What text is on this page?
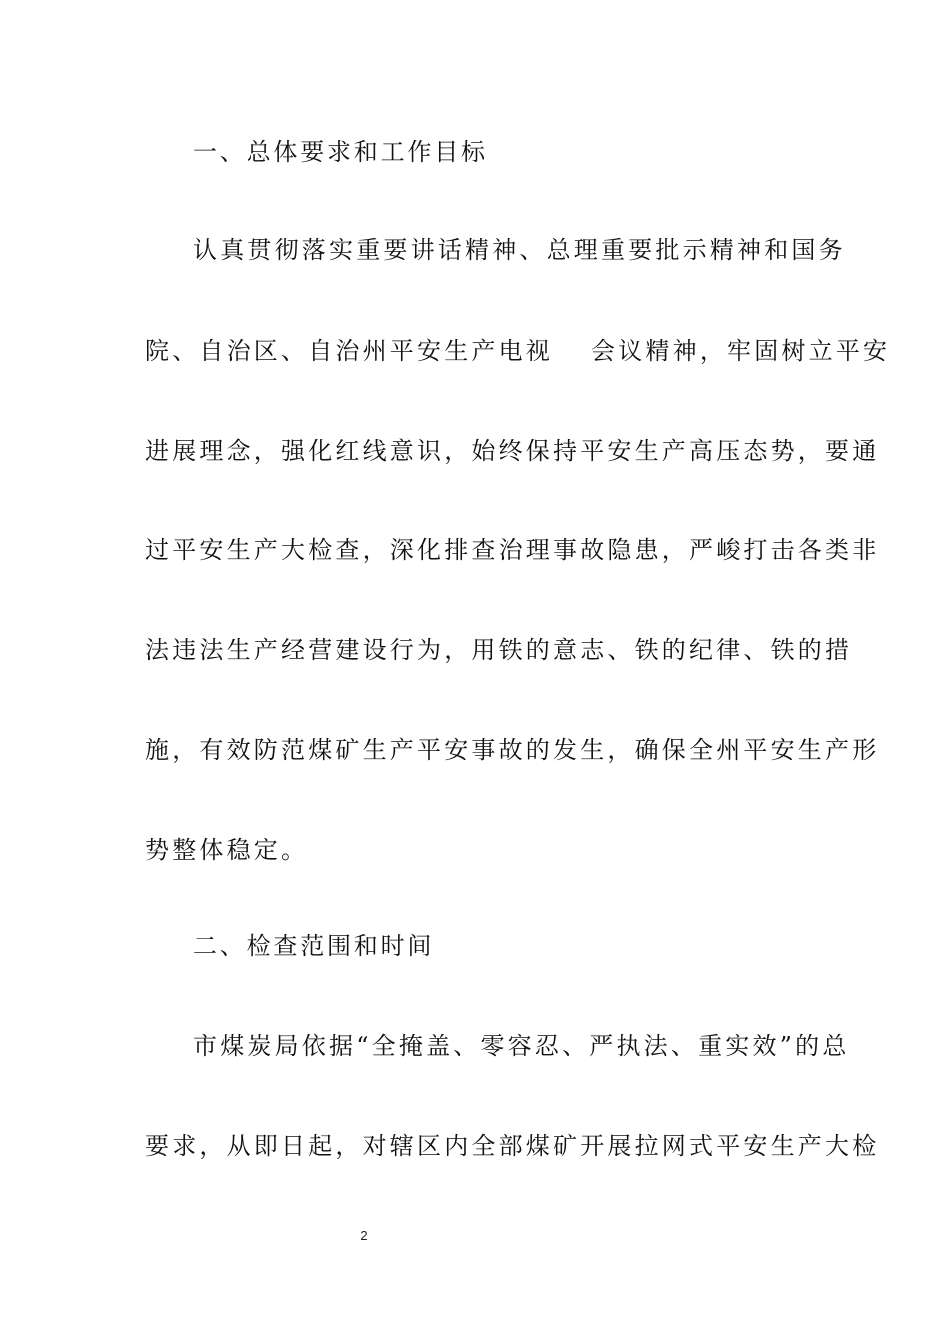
一、总体要求和工作目标
认真贯彻落实重要讲话精神、总理重要批示精神和国务
院、自治区、自治州平安生产电视　 会议精神，牢固树立平安
进展理念，强化红线意识，始终保持平安生产高压态势，要通
过平安生产大检查，深化排查治理事故隐患，严峻打击各类非
法违法生产经营建设行为，用铁的意志、铁的纪律、铁的措
施，有效防范煤矿生产平安事故的发生，确保全州平安生产形
势整体稳定。
二、检查范围和时间
市煤炭局依据“全掩盖、零容忍、严执法、重实效”的总
要求，从即日起，对辖区内全部煤矿开展拉网式平安生产大检
2
